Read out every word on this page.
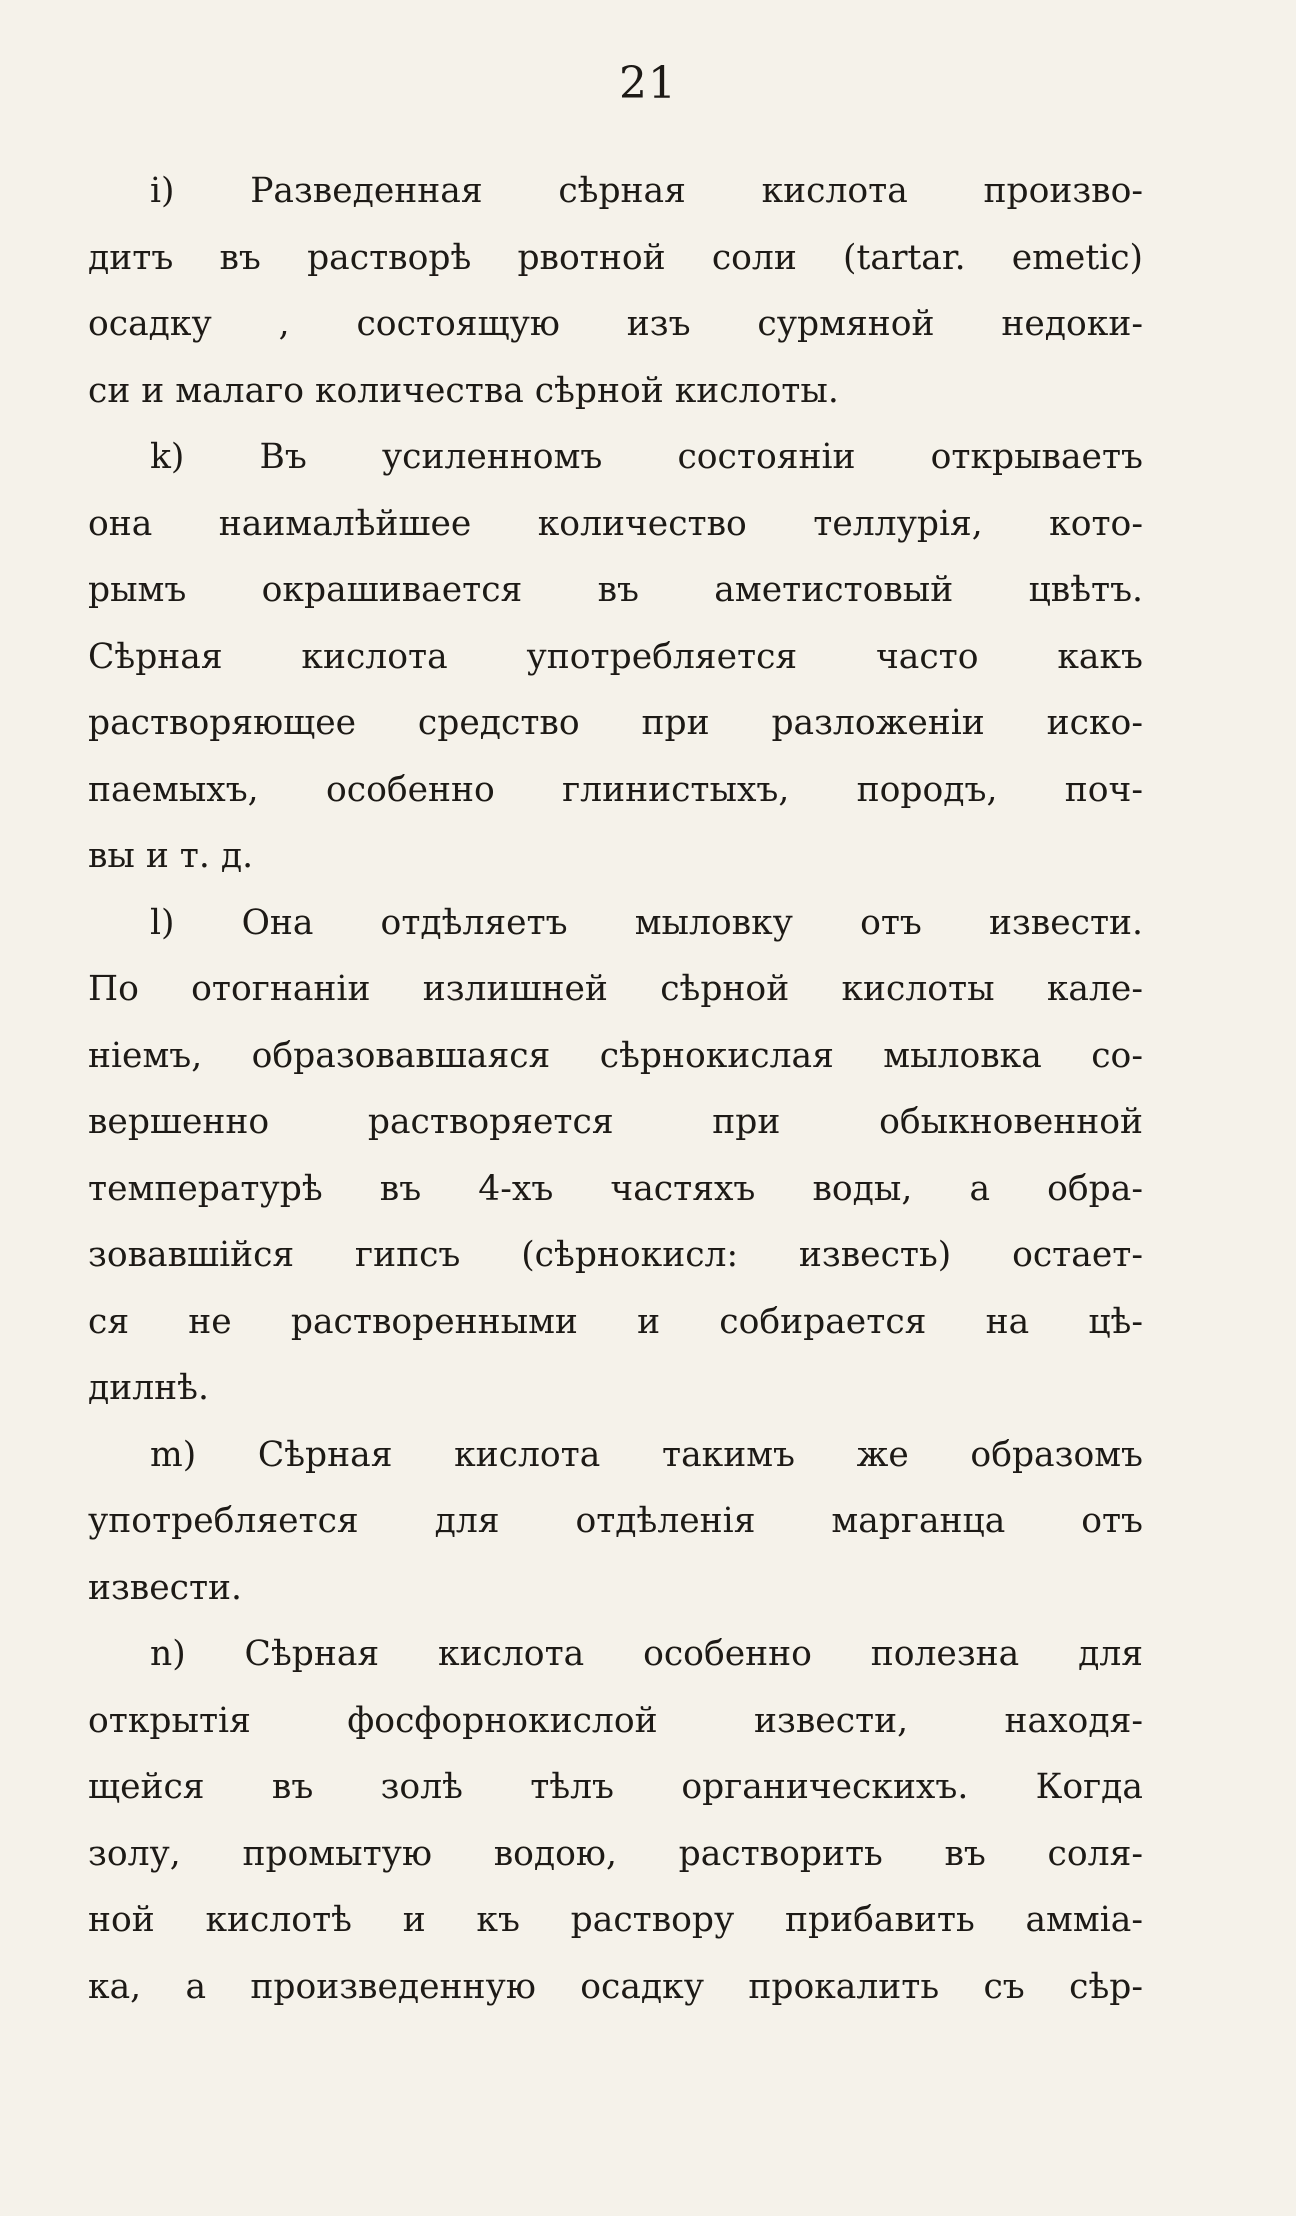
21
i) Разведенная сѣрная кислота произво-
дитъ въ растворѣ рвотной соли (tartar. emetic)
осадку , состоящую изъ сурмяной недоки-
си и малаго количества сѣрной кислоты.
k) Въ усиленномъ состояніи открываетъ
она наималѣйшее количество теллурія, кото-
рымъ окрашивается въ аметистовый цвѣтъ.
Сѣрная кислота употребляется часто какъ
растворяющее средство при разложеніи иско-
паемыхъ, особенно глинистыхъ, породъ, поч-
вы и т. д.
l) Она отдѣляетъ мыловку отъ извести.
По отогнаніи излишней сѣрной кислоты кале-
ніемъ, образовавшаяся сѣрнокислая мыловка со-
вершенно растворяется при обыкновенной
температурѣ въ 4-хъ частяхъ воды, а обра-
зовавшійся гипсъ (сѣрнокисл: известь) остает-
ся не растворенными и собирается на цѣ-
дилнѣ.
m) Сѣрная кислота такимъ же образомъ
употребляется для отдѣленія марганца отъ
извести.
n) Сѣрная кислота особенно полезна для
открытія фосфорнокислой извести, находя-
щейся въ золѣ тѣлъ органическихъ. Когда
золу, промытую водою, растворить въ соля-
ной кислотѣ и къ раствору прибавить амміа-
ка, а произведенную осадку прокалить съ сѣр-
